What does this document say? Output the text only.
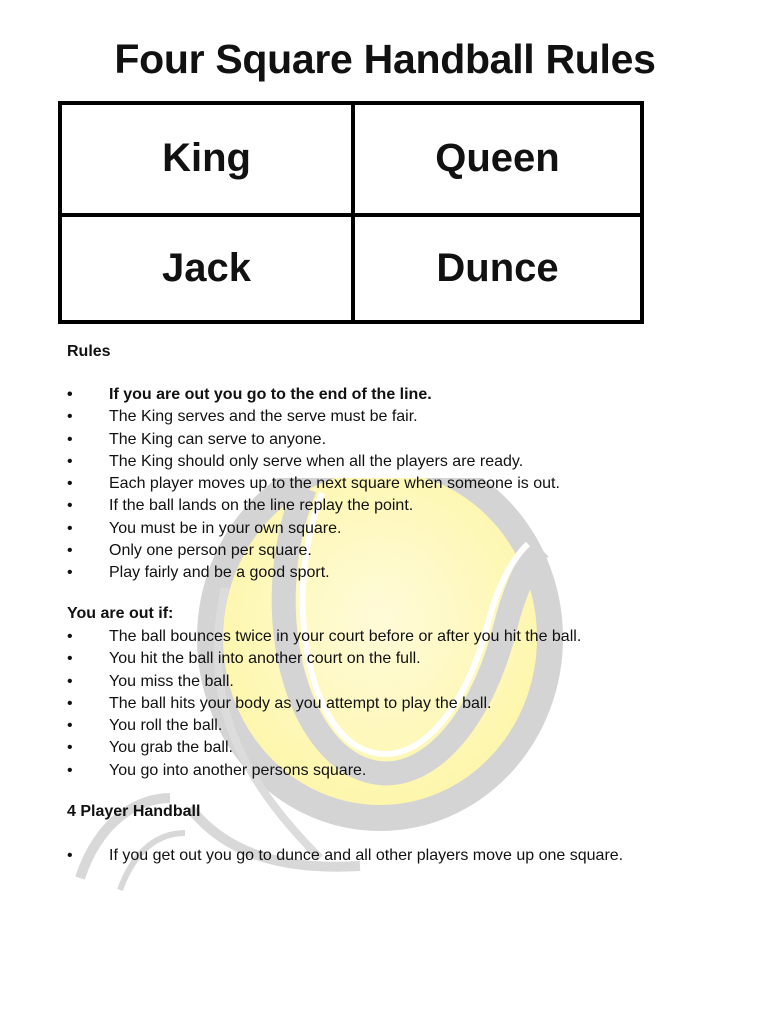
Four Square Handball Rules
King	Queen
Jack	Dunce
Rules
• If you are out you go to the end of the line.
• The King serves and the serve must be fair.
• The King can serve to anyone.
• The King should only serve when all the players are ready.
• Each player moves up to the next square when someone is out.
• If the ball lands on the line replay the point.
• You must be in your own square.
• Only one person per square.
• Play fairly and be a good sport.
You are out if:
• The ball bounces twice in your court before or after you hit the ball.
• You hit the ball into another court on the full.
• You miss the ball.
• The ball hits your body as you attempt to play the ball.
• You roll the ball.
• You grab the ball.
• You go into another persons square.
4 Player Handball
• If you get out you go to dunce and all other players move up one square.
